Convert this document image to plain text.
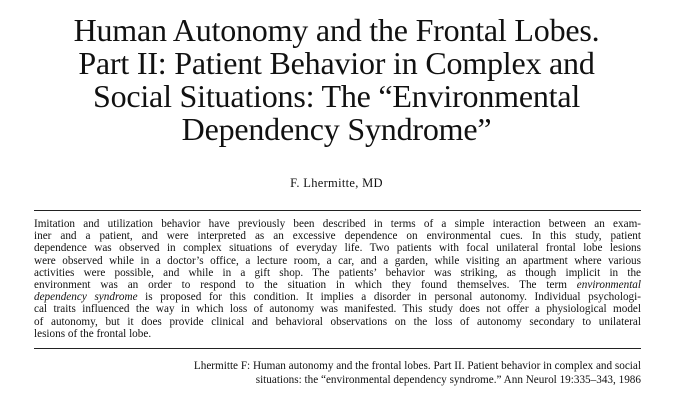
Human Autonomy and the Frontal Lobes.
Part II: Patient Behavior in Complex and
Social Situations: The “Environmental
Dependency Syndrome”
F. Lhermitte, MD
Imitation and utilization behavior have previously been described in terms of a simple interaction between an exam-
iner and a patient, and were interpreted as an excessive dependence on environmental cues. In this study, patient
dependence was observed in complex situations of everyday life. Two patients with focal unilateral frontal lobe lesions
were observed while in a doctor’s office, a lecture room, a car, and a garden, while visiting an apartment where various
activities were possible, and while in a gift shop. The patients’ behavior was striking, as though implicit in the
environment was an order to respond to the situation in which they found themselves. The term environmental
dependency syndrome is proposed for this condition. It implies a disorder in personal autonomy. Individual psychologi-
cal traits influenced the way in which loss of autonomy was manifested. This study does not offer a physiological model
of autonomy, but it does provide clinical and behavioral observations on the loss of autonomy secondary to unilateral
lesions of the frontal lobe.
Lhermitte F: Human autonomy and the frontal lobes. Part II. Patient behavior in complex and social
situations: the “environmental dependency syndrome.” Ann Neurol 19:335–343, 1986
